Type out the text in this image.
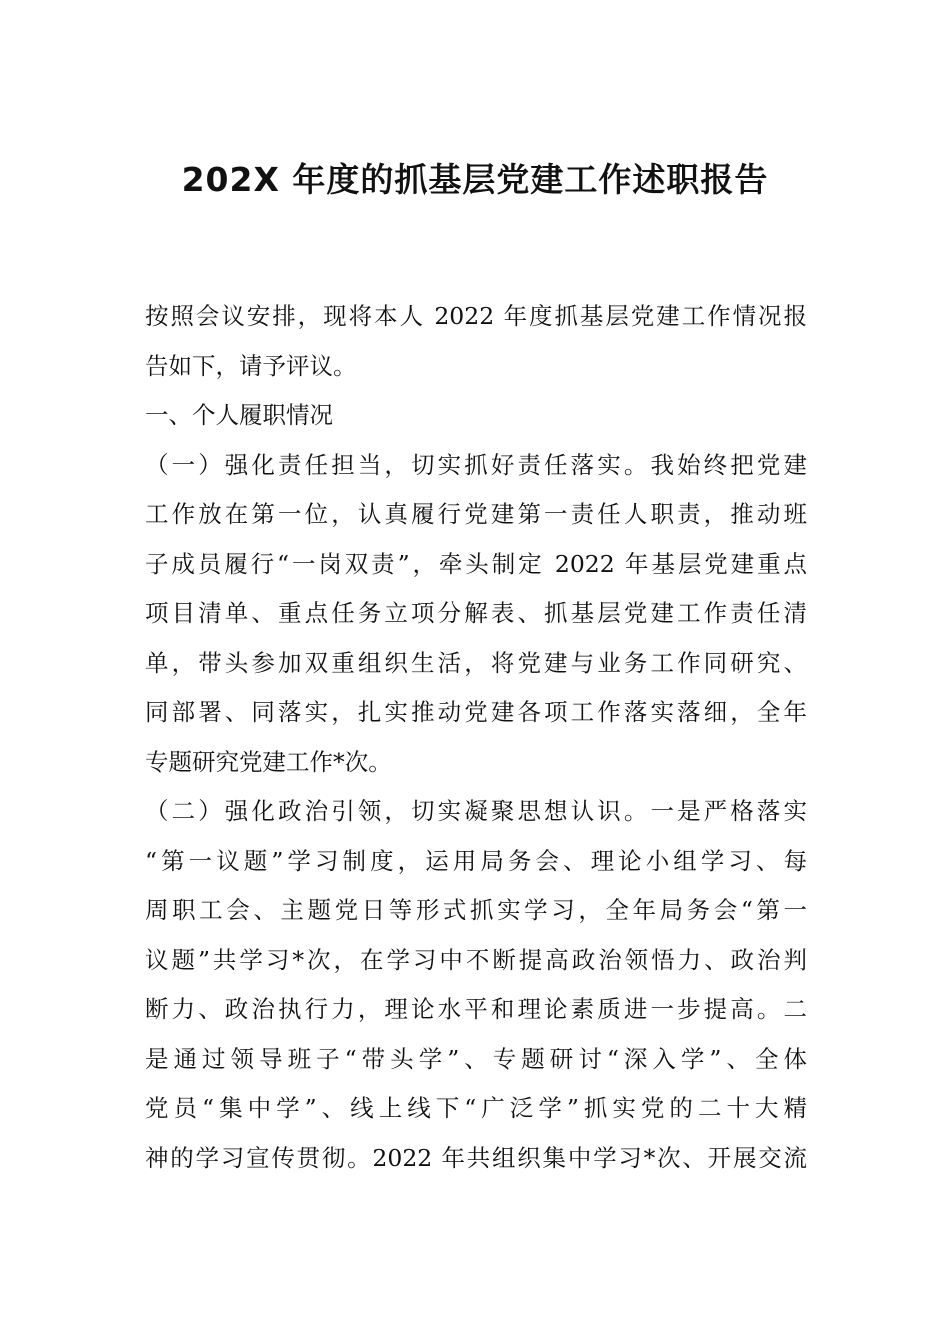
202X 年度的抓基层党建工作述职报告
按照会议安排，现将本人 2022 年度抓基层党建工作情况报
告如下，请予评议。
一、个人履职情况
（一）强化责任担当，切实抓好责任落实。我始终把党建
工作放在第一位，认真履行党建第一责任人职责，推动班
子成员履行“一岗双责”，牵头制定 2022 年基层党建重点
项目清单、重点任务立项分解表、抓基层党建工作责任清
单，带头参加双重组织生活，将党建与业务工作同研究、
同部署、同落实，扎实推动党建各项工作落实落细，全年
专题研究党建工作*次。
（二）强化政治引领，切实凝聚思想认识。一是严格落实
“第一议题”学习制度，运用局务会、理论小组学习、每
周职工会、主题党日等形式抓实学习，全年局务会“第一
议题”共学习*次，在学习中不断提高政治领悟力、政治判
断力、政治执行力，理论水平和理论素质进一步提高。二
是通过领导班子“带头学”、专题研讨“深入学”、全体
党员“集中学”、线上线下“广泛学”抓实党的二十大精
神的学习宣传贯彻。2022 年共组织集中学习*次、开展交流
